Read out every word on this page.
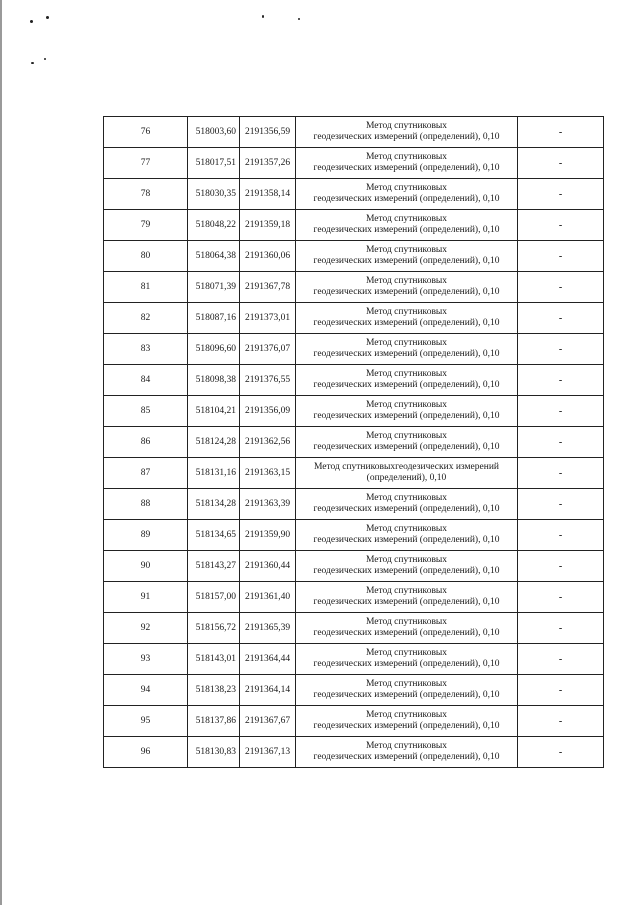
76	518003,60	2191356,59	Метод спутниковых
геодезических измерений (определений), 0,10	-
77	518017,51	2191357,26	Метод спутниковых
геодезических измерений (определений), 0,10	-
78	518030,35	2191358,14	Метод спутниковых
геодезических измерений (определений), 0,10	-
79	518048,22	2191359,18	Метод спутниковых
геодезических измерений (определений), 0,10	-
80	518064,38	2191360,06	Метод спутниковых
геодезических измерений (определений), 0,10	-
81	518071,39	2191367,78	Метод спутниковых
геодезических измерений (определений), 0,10	-
82	518087,16	2191373,01	Метод спутниковых
геодезических измерений (определений), 0,10	-
83	518096,60	2191376,07	Метод спутниковых
геодезических измерений (определений), 0,10	-
84	518098,38	2191376,55	Метод спутниковых
геодезических измерений (определений), 0,10	-
85	518104,21	2191356,09	Метод спутниковых
геодезических измерений (определений), 0,10	-
86	518124,28	2191362,56	Метод спутниковых
геодезических измерений (определений), 0,10	-
87	518131,16	2191363,15	Метод спутниковыхгеодезических измерений
(определений), 0,10	-
88	518134,28	2191363,39	Метод спутниковых
геодезических измерений (определений), 0,10	-
89	518134,65	2191359,90	Метод спутниковых
геодезических измерений (определений), 0,10	-
90	518143,27	2191360,44	Метод спутниковых
геодезических измерений (определений), 0,10	-
91	518157,00	2191361,40	Метод спутниковых
геодезических измерений (определений), 0,10	-
92	518156,72	2191365,39	Метод спутниковых
геодезических измерений (определений), 0,10	-
93	518143,01	2191364,44	Метод спутниковых
геодезических измерений (определений), 0,10	-
94	518138,23	2191364,14	Метод спутниковых
геодезических измерений (определений), 0,10	-
95	518137,86	2191367,67	Метод спутниковых
геодезических измерений (определений), 0,10	-
96	518130,83	2191367,13	Метод спутниковых
геодезических измерений (определений), 0,10	-
